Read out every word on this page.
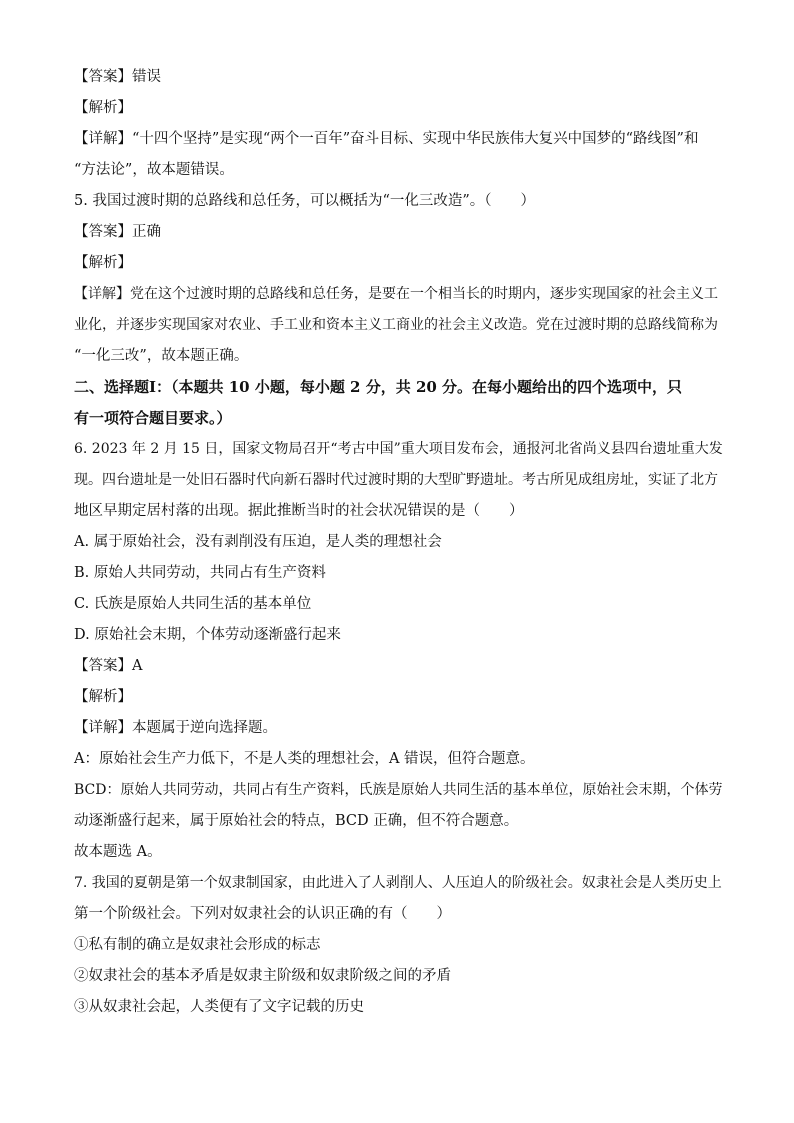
【答案】错误
【解析】
【详解】“十四个坚持”是实现“两个一百年”奋斗目标、实现中华民族伟大复兴中国梦的“路线图”和
“方法论”，故本题错误。
5. 我国过渡时期的总路线和总任务，可以概括为“一化三改造”。（　　）
【答案】正确
【解析】
【详解】党在这个过渡时期的总路线和总任务，是要在一个相当长的时期内，逐步实现国家的社会主义工
业化，并逐步实现国家对农业、手工业和资本主义工商业的社会主义改造。党在过渡时期的总路线简称为
“一化三改”，故本题正确。
二、选择题Ⅰ：（本题共 10 小题，每小题 2 分，共 20 分。在每小题给出的四个选项中，只
有一项符合题目要求。）
6. 2023 年 2 月 15 日，国家文物局召开“考古中国”重大项目发布会，通报河北省尚义县四台遗址重大发
现。四台遗址是一处旧石器时代向新石器时代过渡时期的大型旷野遗址。考古所见成组房址，实证了北方
地区早期定居村落的出现。据此推断当时的社会状况错误的是（　　）
A. 属于原始社会，没有剥削没有压迫，是人类的理想社会
B. 原始人共同劳动，共同占有生产资料
C. 氏族是原始人共同生活的基本单位
D. 原始社会末期，个体劳动逐渐盛行起来
【答案】A
【解析】
【详解】本题属于逆向选择题。
A：原始社会生产力低下，不是人类的理想社会，A 错误，但符合题意。
BCD：原始人共同劳动，共同占有生产资料，氏族是原始人共同生活的基本单位，原始社会末期，个体劳
动逐渐盛行起来，属于原始社会的特点，BCD 正确，但不符合题意。
故本题选 A。
7. 我国的夏朝是第一个奴隶制国家，由此进入了人剥削人、人压迫人的阶级社会。奴隶社会是人类历史上
第一个阶级社会。下列对奴隶社会的认识正确的有（　　）
①私有制的确立是奴隶社会形成的标志
②奴隶社会的基本矛盾是奴隶主阶级和奴隶阶级之间的矛盾
③从奴隶社会起，人类便有了文字记载的历史
